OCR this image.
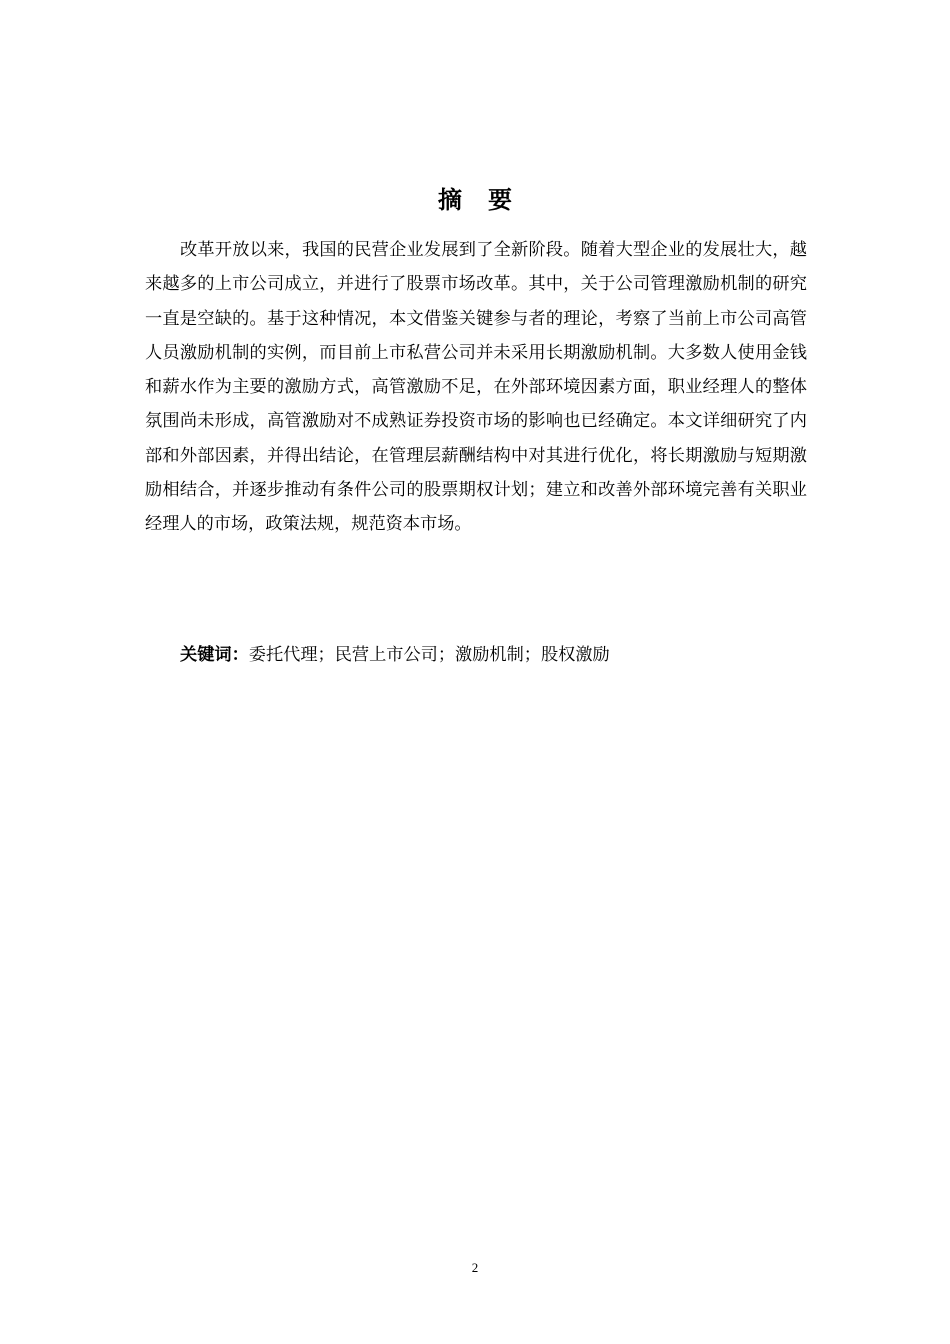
摘 要

改革开放以来，我国的民营企业发展到了全新阶段。随着大型企业的发展壮大，越来越多的上市公司成立，并进行了股票市场改革。其中，关于公司管理激励机制的研究一直是空缺的。基于这种情况，本文借鉴关键参与者的理论，考察了当前上市公司高管人员激励机制的实例，而目前上市私营公司并未采用长期激励机制。大多数人使用金钱和薪水作为主要的激励方式，高管激励不足，在外部环境因素方面，职业经理人的整体氛围尚未形成，高管激励对不成熟证券投资市场的影响也已经确定。本文详细研究了内部和外部因素，并得出结论，在管理层薪酬结构中对其进行优化，将长期激励与短期激励相结合，并逐步推动有条件公司的股票期权计划；建立和改善外部环境完善有关职业经理人的市场，政策法规，规范资本市场。

关键词：委托代理；民营上市公司；激励机制；股权激励

2
